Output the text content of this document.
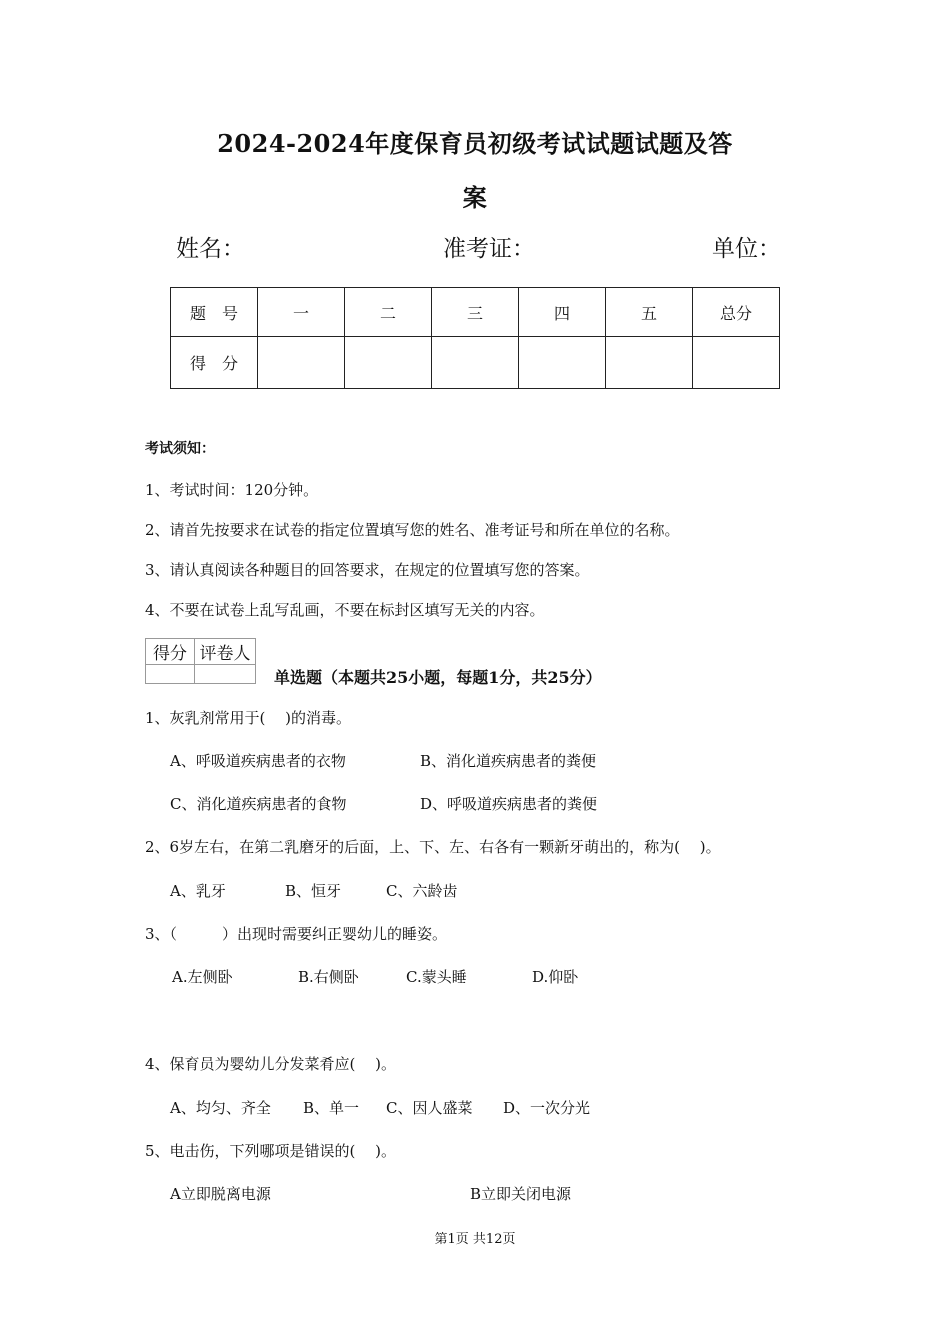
2024-2024年度保育员初级考试试题试题及答
案
姓名：	准考证：	单位：
题　号	一	二	三	四	五	总分
得　分						
考试须知：
1、考试时间：120分钟。
2、请首先按要求在试卷的指定位置填写您的姓名、准考证号和所在单位的名称。
3、请认真阅读各种题目的回答要求，在规定的位置填写您的答案。
4、不要在试卷上乱写乱画，不要在标封区填写无关的内容。
得分	评卷人

单选题（本题共25小题，每题1分，共25分）
1、灰乳剂常用于(　 )的消毒。
A、呼吸道疾病患者的衣物	B、消化道疾病患者的粪便
C、消化道疾病患者的食物	D、呼吸道疾病患者的粪便
2、6岁左右，在第二乳磨牙的后面，上、下、左、右各有一颗新牙萌出的，称为(　 )。
A、乳牙	B、恒牙	C、六龄齿
3、（　　　）出现时需要纠正婴幼儿的睡姿。
A.左侧卧	B.右侧卧	C.蒙头睡	D.仰卧
4、保育员为婴幼儿分发菜肴应(　 )。
A、均匀、齐全 B、单一 C、因人盛菜 D、一次分光
5、电击伤，下列哪项是错误的(　 )。
A立即脱离电源	B立即关闭电源
第1页 共12页
